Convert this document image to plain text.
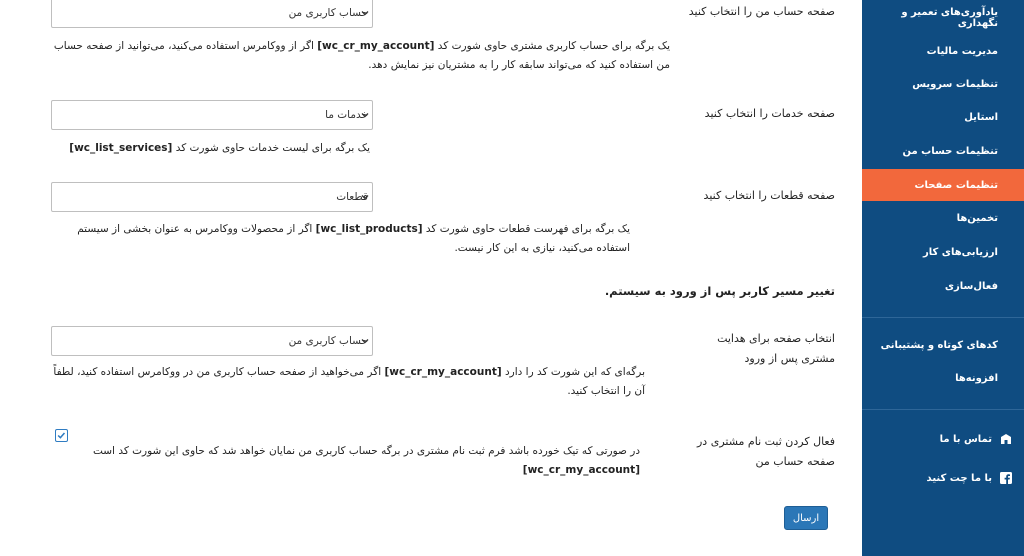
صفحه حساب من را انتخاب کنید
حساب کاربری من
یک برگه برای حساب کاربری مشتری حاوی شورت کد [wc_cr_my_account] اگر از ووکامرس استفاده می‌کنید، می‌توانید از صفحه حساب من استفاده کنید که می‌تواند سابقه کار را به مشتریان نیز نمایش دهد.
صفحه خدمات را انتخاب کنید
خدمات ما
یک برگه برای لیست خدمات حاوی شورت کد [wc_list_services]
صفحه قطعات را انتخاب کنید
قطعات
یک برگه برای فهرست قطعات حاوی شورت کد [wc_list_products] اگر از محصولات ووکامرس به عنوان بخشی از سیستم استفاده می‌کنید، نیازی به این کار نیست.
تغییر مسیر کاربر پس از ورود به سیستم.
انتخاب صفحه برای هدایت
مشتری پس از ورود
حساب کاربری من
برگه‌ای که این شورت کد را دارد [wc_cr_my_account] اگر می‌خواهید از صفحه حساب کاربری من در ووکامرس استفاده کنید، لطفاً آن را انتخاب کنید.
فعال کردن ثبت نام مشتری در
صفحه حساب من
در صورتی که تیک خورده باشد فرم ثبت نام مشتری در برگه حساب کاربری من نمایان خواهد شد که حاوی این شورت کد است
[wc_cr_my_account]
ارسال
یادآوری‌های تعمیر و نگهداری
مدیریت مالیات
تنظیمات سرویس
استایل
تنظیمات حساب من
تنظیمات صفحات
تخمین‌ها
ارزیابی‌های کار
فعال‌سازی
کدهای کوتاه و پشتیبانی
افزونه‌ها
تماس با ما
با ما چت کنید
